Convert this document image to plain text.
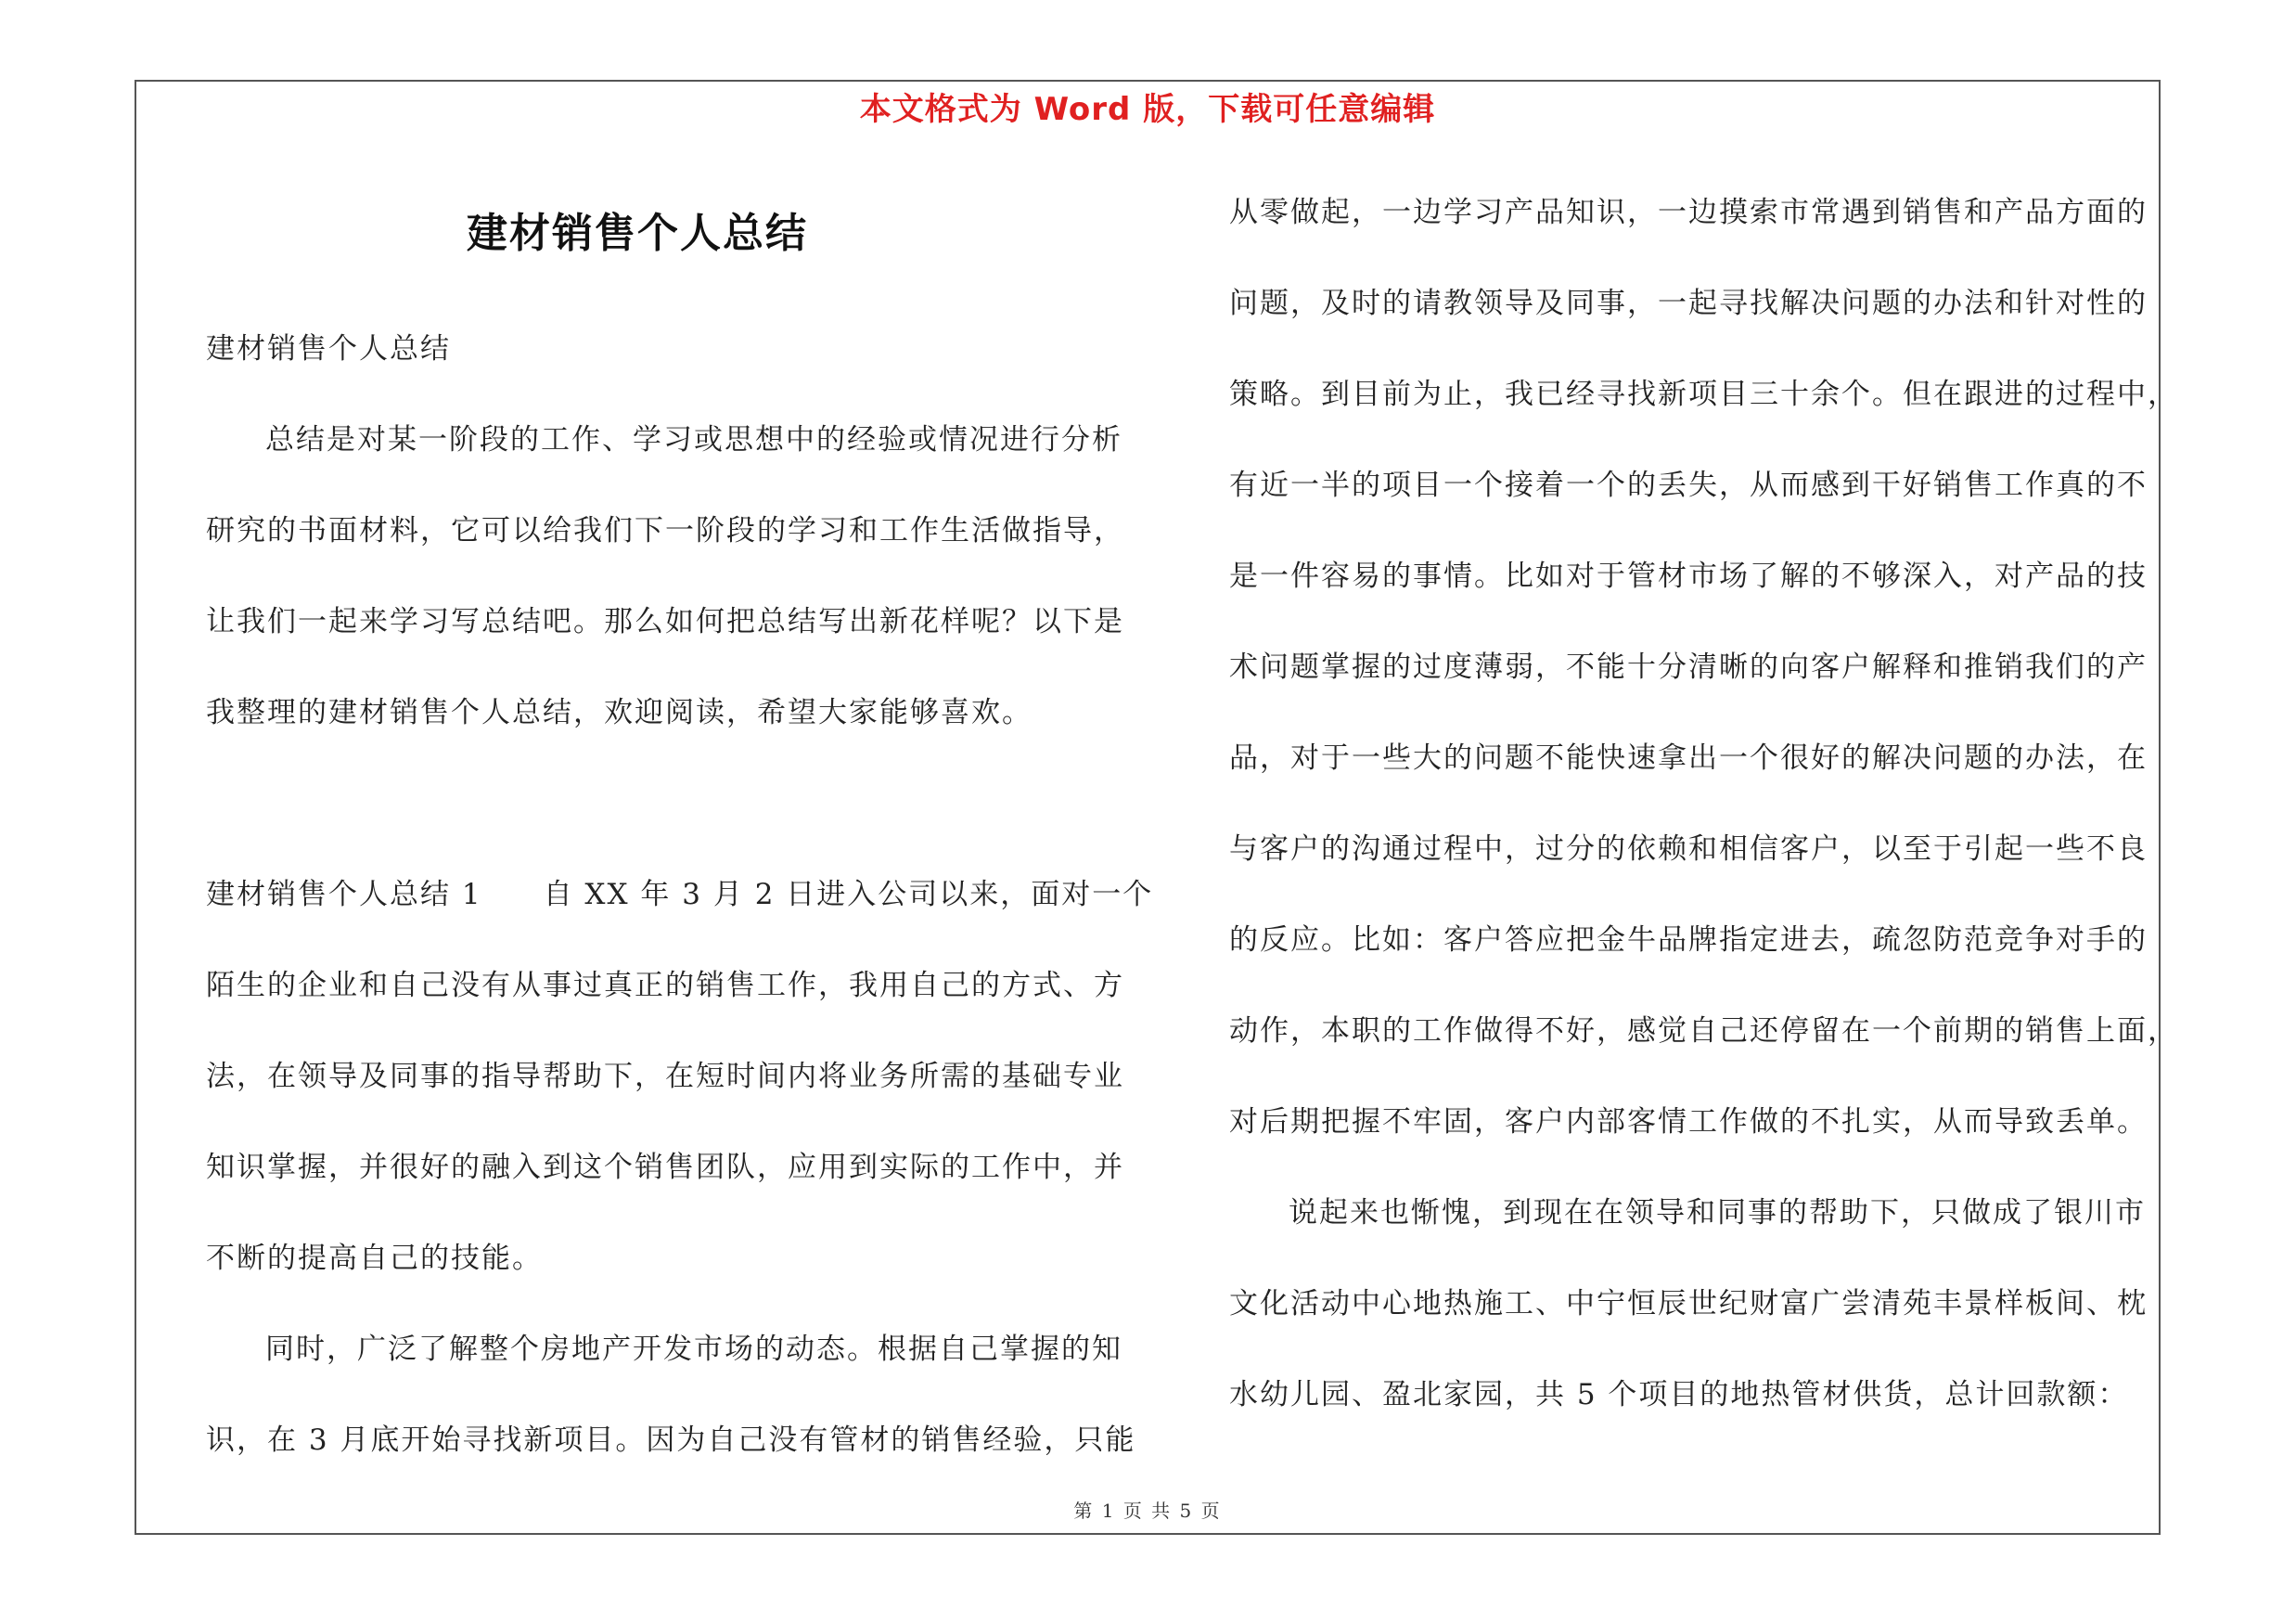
本文格式为 Word 版，下载可任意编辑
建材销售个人总结
建材销售个人总结
总结是对某一阶段的工作、学习或思想中的经验或情况进行分析
研究的书面材料，它可以给我们下一阶段的学习和工作生活做指导，
让我们一起来学习写总结吧。那么如何把总结写出新花样呢？以下是
我整理的建材销售个人总结，欢迎阅读，希望大家能够喜欢。
建材销售个人总结 1　　自 XX 年 3 月 2 日进入公司以来，面对一个
陌生的企业和自己没有从事过真正的销售工作，我用自己的方式、方
法，在领导及同事的指导帮助下，在短时间内将业务所需的基础专业
知识掌握，并很好的融入到这个销售团队，应用到实际的工作中，并
不断的提高自己的技能。
同时，广泛了解整个房地产开发市场的动态。根据自己掌握的知
识，在 3 月底开始寻找新项目。因为自己没有管材的销售经验，只能
从零做起，一边学习产品知识，一边摸索市常遇到销售和产品方面的
问题，及时的请教领导及同事，一起寻找解决问题的办法和针对性的
策略。到目前为止，我已经寻找新项目三十余个。但在跟进的过程中，
有近一半的项目一个接着一个的丢失，从而感到干好销售工作真的不
是一件容易的事情。比如对于管材市场了解的不够深入，对产品的技
术问题掌握的过度薄弱，不能十分清晰的向客户解释和推销我们的产
品，对于一些大的问题不能快速拿出一个很好的解决问题的办法，在
与客户的沟通过程中，过分的依赖和相信客户，以至于引起一些不良
的反应。比如：客户答应把金牛品牌指定进去，疏忽防范竞争对手的
动作，本职的工作做得不好，感觉自己还停留在一个前期的销售上面，
对后期把握不牢固，客户内部客情工作做的不扎实，从而导致丢单。
说起来也惭愧，到现在在领导和同事的帮助下，只做成了银川市
文化活动中心地热施工、中宁恒辰世纪财富广尝清苑丰景样板间、枕
水幼儿园、盈北家园，共 5 个项目的地热管材供货，总计回款额：
第 1 页 共 5 页
